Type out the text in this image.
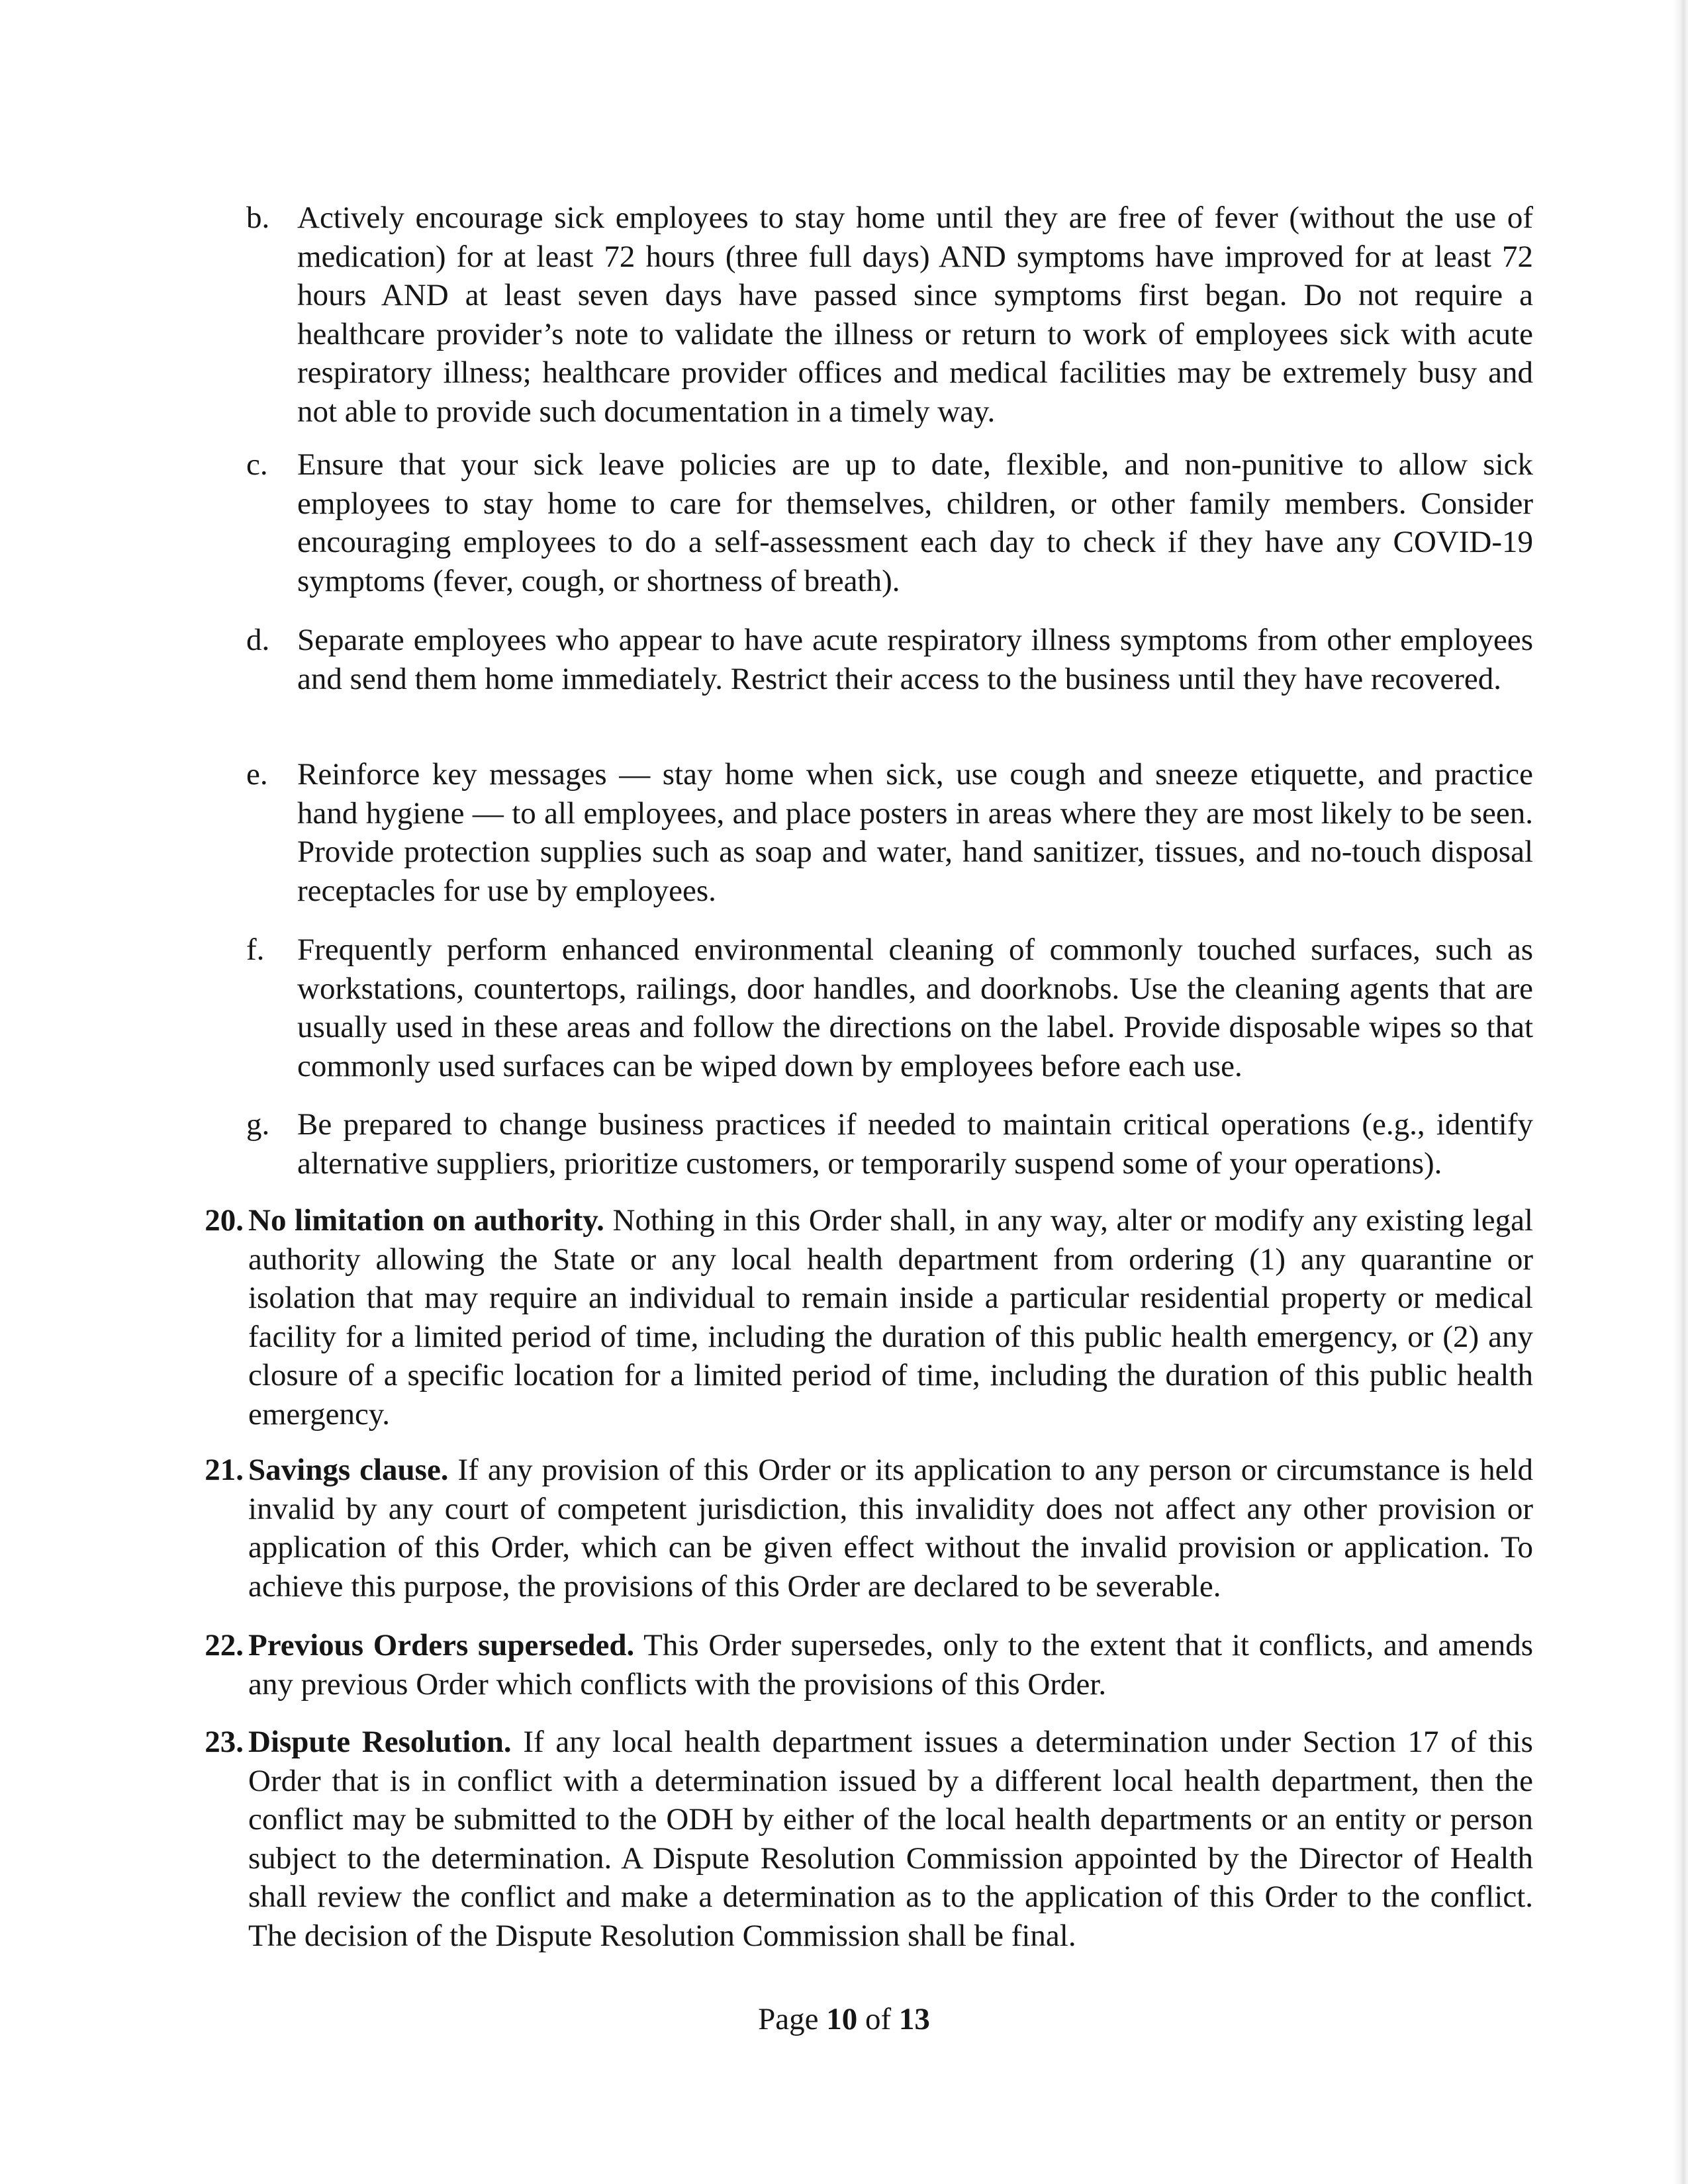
b. Actively encourage sick employees to stay home until they are free of fever (without the use of medication) for at least 72 hours (three full days) AND symptoms have improved for at least 72 hours AND at least seven days have passed since symptoms first began. Do not require a healthcare provider’s note to validate the illness or return to work of employees sick with acute respiratory illness; healthcare provider offices and medical facilities may be extremely busy and not able to provide such documentation in a timely way.
c. Ensure that your sick leave policies are up to date, flexible, and non-punitive to allow sick employees to stay home to care for themselves, children, or other family members. Consider encouraging employees to do a self-assessment each day to check if they have any COVID-19 symptoms (fever, cough, or shortness of breath).
d. Separate employees who appear to have acute respiratory illness symptoms from other employees and send them home immediately. Restrict their access to the business until they have recovered.
e. Reinforce key messages — stay home when sick, use cough and sneeze etiquette, and practice hand hygiene — to all employees, and place posters in areas where they are most likely to be seen. Provide protection supplies such as soap and water, hand sanitizer, tissues, and no-touch disposal receptacles for use by employees.
f.	Frequently perform enhanced environmental cleaning of commonly touched surfaces, such as workstations, countertops, railings, door handles, and doorknobs. Use the cleaning agents that are usually used in these areas and follow the directions on the label. Provide disposable wipes so that commonly used surfaces can be wiped down by employees before each use.
g. Be prepared to change business practices if needed to maintain critical operations (e.g., identify alternative suppliers, prioritize customers, or temporarily suspend some of your operations).
20. No limitation on authority. Nothing in this Order shall, in any way, alter or modify any existing legal authority allowing the State or any local health department from ordering (1) any quarantine or isolation that may require an individual to remain inside a particular residential property or medical facility for a limited period of time, including the duration of this public health emergency, or (2) any closure of a specific location for a limited period of time, including the duration of this public health emergency.
21. Savings clause. If any provision of this Order or its application to any person or circumstance is held invalid by any court of competent jurisdiction, this invalidity does not affect any other provision or application of this Order, which can be given effect without the invalid provision or application. To achieve this purpose, the provisions of this Order are declared to be severable.
22. Previous Orders superseded. This Order supersedes, only to the extent that it conflicts, and amends any previous Order which conflicts with the provisions of this Order.
23. Dispute Resolution. If any local health department issues a determination under Section 17 of this Order that is in conflict with a determination issued by a different local health department, then the conflict may be submitted to the ODH by either of the local health departments or an entity or person subject to the determination. A Dispute Resolution Commission appointed by the Director of Health shall review the conflict and make a determination as to the application of this Order to the conflict. The decision of the Dispute Resolution Commission shall be final.
Page 10 of 13
